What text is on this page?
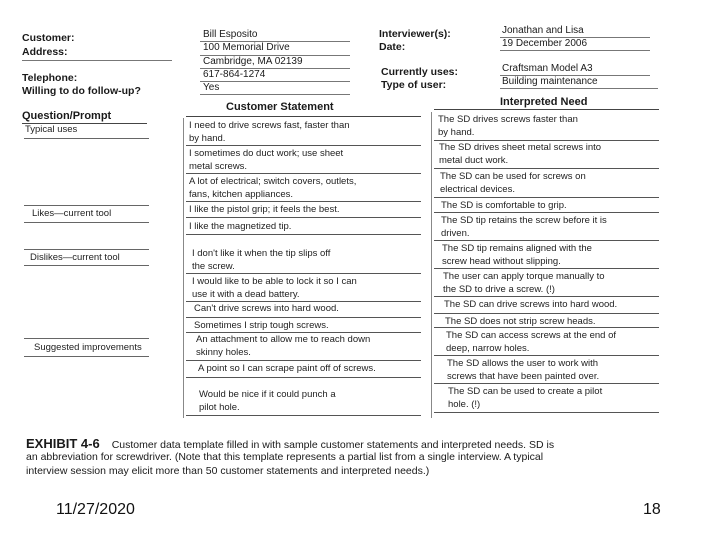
Customer:
Address:
Telephone:
Willing to do follow-up?
Bill Esposito
100 Memorial Drive
Cambridge, MA 02139
617-864-1274
Yes
Interviewer(s):
Date:
Currently uses:
Type of user:
Jonathan and Lisa
19 December 2006
Craftsman Model A3
Building maintenance
Question/Prompt
Customer Statement	Interpreted Need
Typical uses
Likes—current tool
Dislikes—current tool
Suggested improvements
I need to drive screws fast, faster than
by hand.
I sometimes do duct work; use sheet
metal screws.
A lot of electrical; switch covers, outlets,
fans, kitchen appliances.
I like the pistol grip; it feels the best.
I like the magnetized tip.
I don't like it when the tip slips off
the screw.
I would like to be able to lock it so I can
use it with a dead battery.
Can't drive screws into hard wood.
Sometimes I strip tough screws.
An attachment to allow me to reach down
skinny holes.
A point so I can scrape paint off of screws.
Would be nice if it could punch a
pilot hole.
The SD drives screws faster than
by hand.
The SD drives sheet metal screws into
metal duct work.
The SD can be used for screws on
electrical devices.
The SD is comfortable to grip.
The SD tip retains the screw before it is
driven.
The SD tip remains aligned with the
screw head without slipping.
The user can apply torque manually to
the SD to drive a screw. (!)
The SD can drive screws into hard wood.
The SD does not strip screw heads.
The SD can access screws at the end of
deep, narrow holes.
The SD allows the user to work with
screws that have been painted over.
The SD can be used to create a pilot
hole. (!)
EXHIBIT 4-6 Customer data template filled in with sample customer statements and interpreted needs. SD is
an abbreviation for screwdriver. (Note that this template represents a partial list from a single interview. A typical
interview session may elicit more than 50 customer statements and interpreted needs.)
11/27/2020	18
